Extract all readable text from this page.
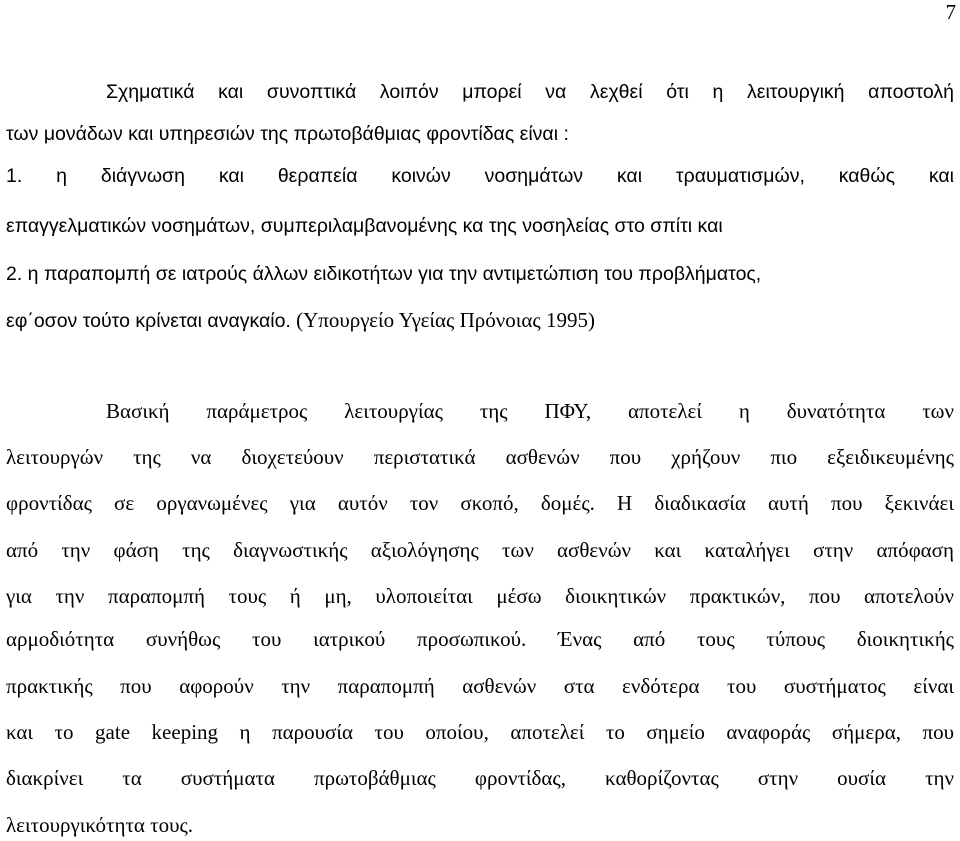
7
Σχηματικά και συνοπτικά λοιπόν μπορεί να λεχθεί ότι η λειτουργική αποστολή
των μονάδων και υπηρεσιών της πρωτοβάθμιας φροντίδας είναι :
1. η διάγνωση και θεραπεία κοινών νοσημάτων και τραυματισμών, καθώς και
επαγγελματικών νοσημάτων, συμπεριλαμβανομένης κα της νοσηλείας στο σπίτι και
2. η παραπομπή σε ιατρούς άλλων ειδικοτήτων για την αντιμετώπιση του προβλήματος,
εφ΄οσον τούτο κρίνεται αναγκαίο. (Υπουργείο Υγείας Πρόνοιας 1995)
Βασική παράμετρος λειτουργίας της ΠΦΥ, αποτελεί η δυνατότητα των
λειτουργών της να διοχετεύουν περιστατικά ασθενών που χρήζουν πιο εξειδικευμένης
φροντίδας σε οργανωμένες για αυτόν τον σκοπό, δομές. Η διαδικασία αυτή που ξεκινάει
από την φάση της διαγνωστικής αξιολόγησης των ασθενών και καταλήγει στην απόφαση
για την παραπομπή τους ή μη, υλοποιείται μέσω διοικητικών πρακτικών, που αποτελούν
αρμοδιότητα συνήθως του ιατρικού προσωπικού. Ένας από τους τύπους διοικητικής
πρακτικής που αφορούν την παραπομπή ασθενών στα ενδότερα του συστήματος είναι
και το gate keeping η παρουσία του οποίου, αποτελεί το σημείο αναφοράς σήμερα, που
διακρίνει τα συστήματα πρωτοβάθμιας φροντίδας, καθορίζοντας στην ουσία την
λειτουργικότητα τους.
